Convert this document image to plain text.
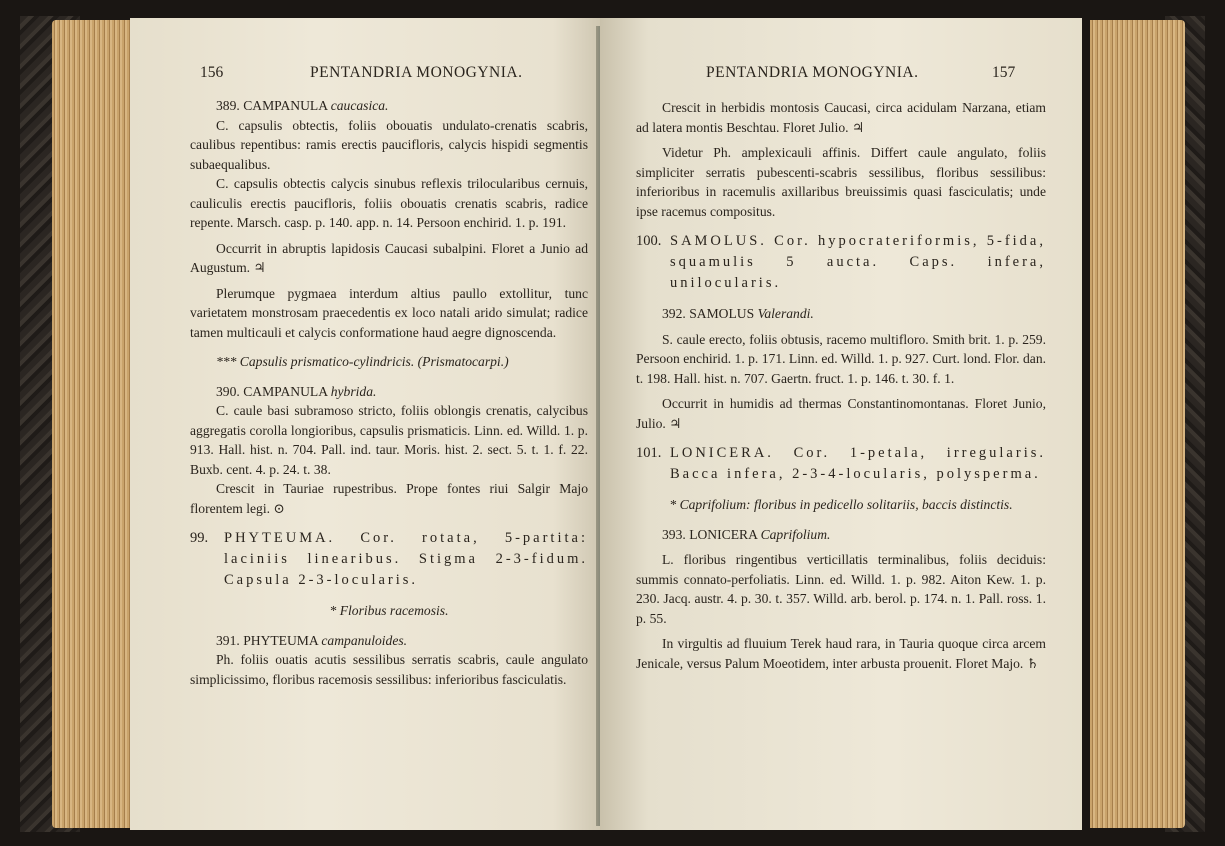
156	PENTANDRIA MONOGYNIA.

389. CAMPANULA caucasica.

C. capsulis obtectis, foliis obouatis undulato-crenatis scabris, caulibus repentibus: ramis erectis paucifloris, calycis hispidi segmentis subaequalibus.

C. capsulis obtectis calycis sinubus reflexis trilocularibus cernuis, cauliculis erectis paucifloris, foliis obouatis crenatis scabris, radice repente. Marsch. casp. p. 140. app. n. 14. Persoon enchirid. 1. p. 191.

Occurrit in abruptis lapidosis Caucasi subalpini. Floret a Junio ad Augustum. ♃

Plerumque pygmaea interdum altius paullo extollitur, tunc varietatem monstrosam praecedentis ex loco natali arido simulat; radice tamen multicauli et calycis conformatione haud aegre dignoscenda.

*** Capsulis prismatico-cylindricis. (Prismatocarpi.)

390. CAMPANULA hybrida.

C. caule basi subramoso stricto, foliis oblongis crenatis, calycibus aggregatis corolla longioribus, capsulis prismaticis. Linn. ed. Willd. 1. p. 913. Hall. hist. n. 704. Pall. ind. taur. Moris. hist. 2. sect. 5. t. 1. f. 22. Buxb. cent. 4. p. 24. t. 38.

Crescit in Tauriae rupestribus. Prope fontes riui Salgir Majo florentem legi. ⊙

99. PHYTEUMA. Cor. rotata, 5-partita: laciniis linearibus. Stigma 2-3-fidum. Capsula 2-3-locularis.

* Floribus racemosis.

391. PHYTEUMA campanuloides.

Ph. foliis ouatis acutis sessilibus serratis scabris, caule angulato simplicissimo, floribus racemosis sessilibus: inferioribus fasciculatis.

PENTANDRIA MONOGYNIA.	157

Crescit in herbidis montosis Caucasi, circa acidulam Narzana, etiam ad latera montis Beschtau. Floret Julio. ♃

Videtur Ph. amplexicauli affinis. Differt caule angulato, foliis simpliciter serratis pubescenti-scabris sessilibus, floribus sessilibus: inferioribus in racemulis axillaribus breuissimis quasi fasciculatis; unde ipse racemus compositus.

100. SAMOLUS. Cor. hypocrateriformis, 5-fida, squamulis 5 aucta. Caps. infera, unilocularis.

392. SAMOLUS Valerandi.

S. caule erecto, foliis obtusis, racemo multifloro. Smith brit. 1. p. 259. Persoon enchirid. 1. p. 171. Linn. ed. Willd. 1. p. 927. Curt. lond. Flor. dan. t. 198. Hall. hist. n. 707. Gaertn. fruct. 1. p. 146. t. 30. f. 1.

Occurrit in humidis ad thermas Constantinomontanas. Floret Junio, Julio. ♃

101. LONICERA. Cor. 1-petala, irregularis. Bacca infera, 2-3-4-locularis, polysperma.

* Caprifolium: floribus in pedicello solitariis, baccis distinctis.

393. LONICERA Caprifolium.

L. floribus ringentibus verticillatis terminalibus, foliis deciduis: summis connato-perfoliatis. Linn. ed. Willd. 1. p. 982. Aiton Kew. 1. p. 230. Jacq. austr. 4. p. 30. t. 357. Willd. arb. berol. p. 174. n. 1. Pall. ross. 1. p. 55.

In virgultis ad fluuium Terek haud rara, in Tauria quoque circa arcem Jenicale, versus Palum Moeotidem, inter arbusta prouenit. Floret Majo. ♄
